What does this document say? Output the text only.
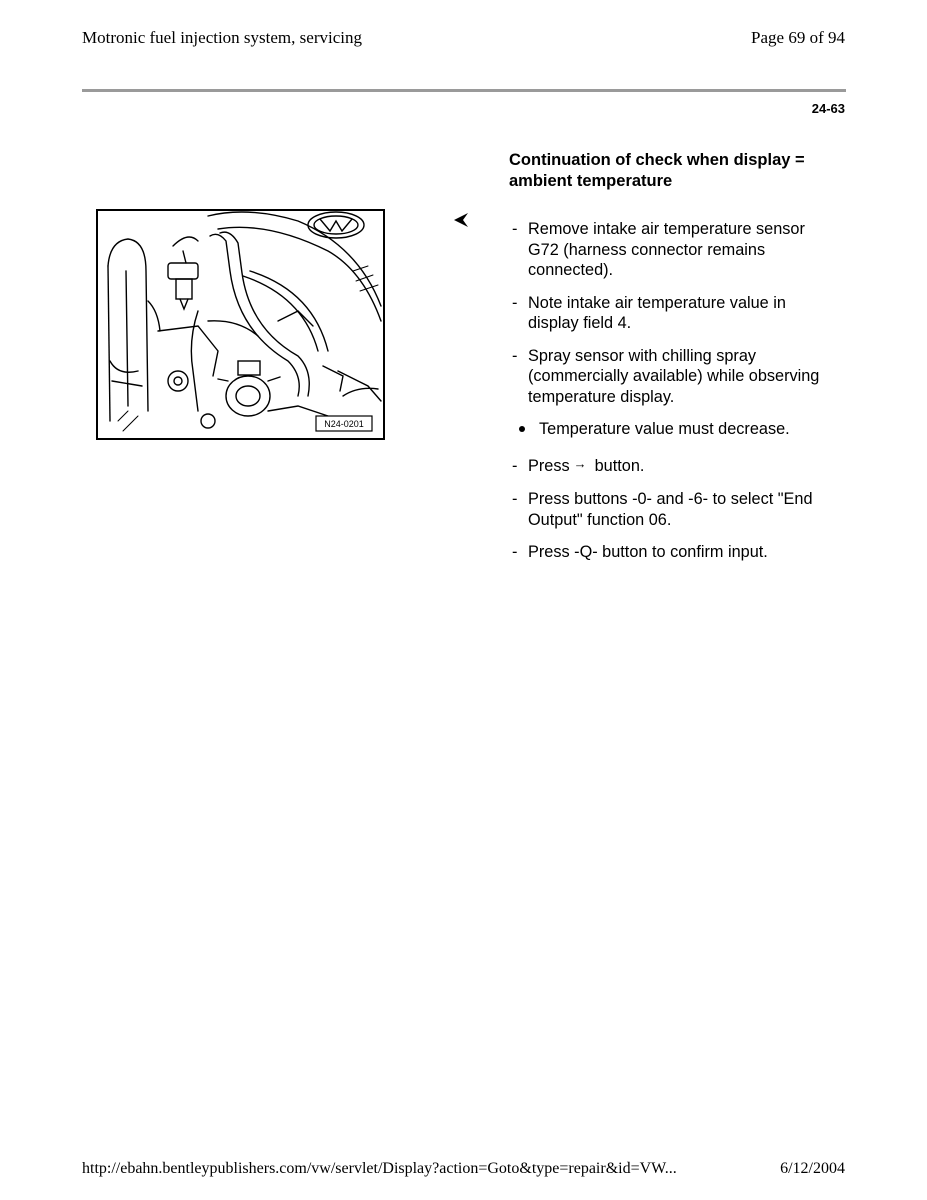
Motronic fuel injection system, servicing	Page 69 of 94
24-63
Continuation of check when display = ambient temperature
N24-0201
- Remove intake air temperature sensor G72 (harness connector remains connected).
- Note intake air temperature value in display field 4.
- Spray sensor with chilling spray (commercially available) while observing temperature display.
Temperature value must decrease.
- Press → button.
- Press buttons -0- and -6- to select "End Output" function 06.
- Press -Q- button to confirm input.
http://ebahn.bentleypublishers.com/vw/servlet/Display?action=Goto&type=repair&id=VW...	6/12/2004
